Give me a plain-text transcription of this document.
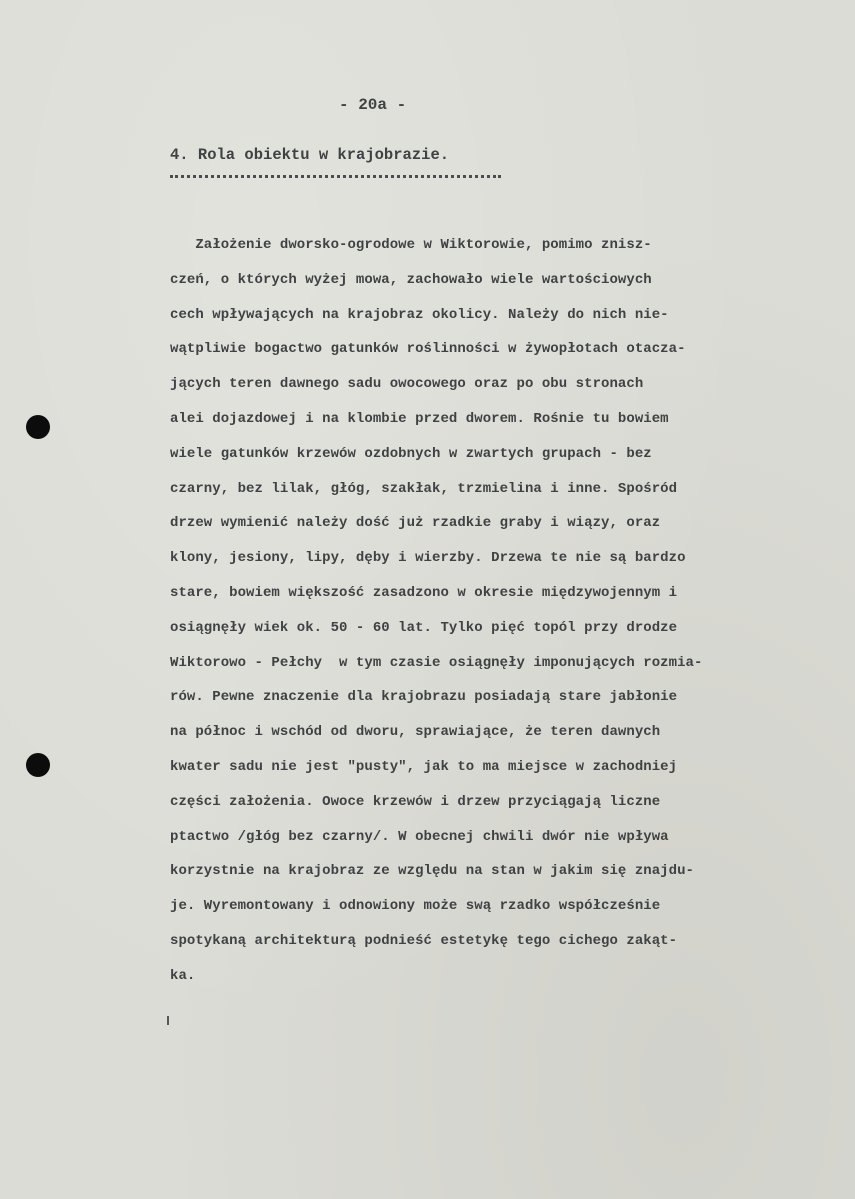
- 20a -
4. Rola obiektu w krajobrazie.
Założenie dworsko-ogrodowe w Wiktorowie, pomimo znisz-
czeń, o których wyżej mowa, zachowało wiele wartościowych
cech wpływających na krajobraz okolicy. Należy do nich nie-
wątpliwie bogactwo gatunków roślinności w żywopłotach otacza-
jących teren dawnego sadu owocowego oraz po obu stronach
alei dojazdowej i na klombie przed dworem. Rośnie tu bowiem
wiele gatunków krzewów ozdobnych w zwartych grupach - bez
czarny, bez lilak, głóg, szakłak, trzmielina i inne. Spośród
drzew wymienić należy dość już rzadkie graby i wiązy, oraz
klony, jesiony, lipy, dęby i wierzby. Drzewa te nie są bardzo
stare, bowiem większość zasadzono w okresie międzywojennym i
osiągnęły wiek ok. 50 - 60 lat. Tylko pięć topól przy drodze
Wiktorowo - Pełchy  w tym czasie osiągnęły imponujących rozmia-
rów. Pewne znaczenie dla krajobrazu posiadają stare jabłonie
na północ i wschód od dworu, sprawiające, że teren dawnych
kwater sadu nie jest "pusty", jak to ma miejsce w zachodniej
części założenia. Owoce krzewów i drzew przyciągają liczne
ptactwo /głóg bez czarny/. W obecnej chwili dwór nie wpływa
korzystnie na krajobraz ze względu na stan w jakim się znajdu-
je. Wyremontowany i odnowiony może swą rzadko współcześnie
spotykaną architekturą podnieść estetykę tego cichego zakąt-
ka.
